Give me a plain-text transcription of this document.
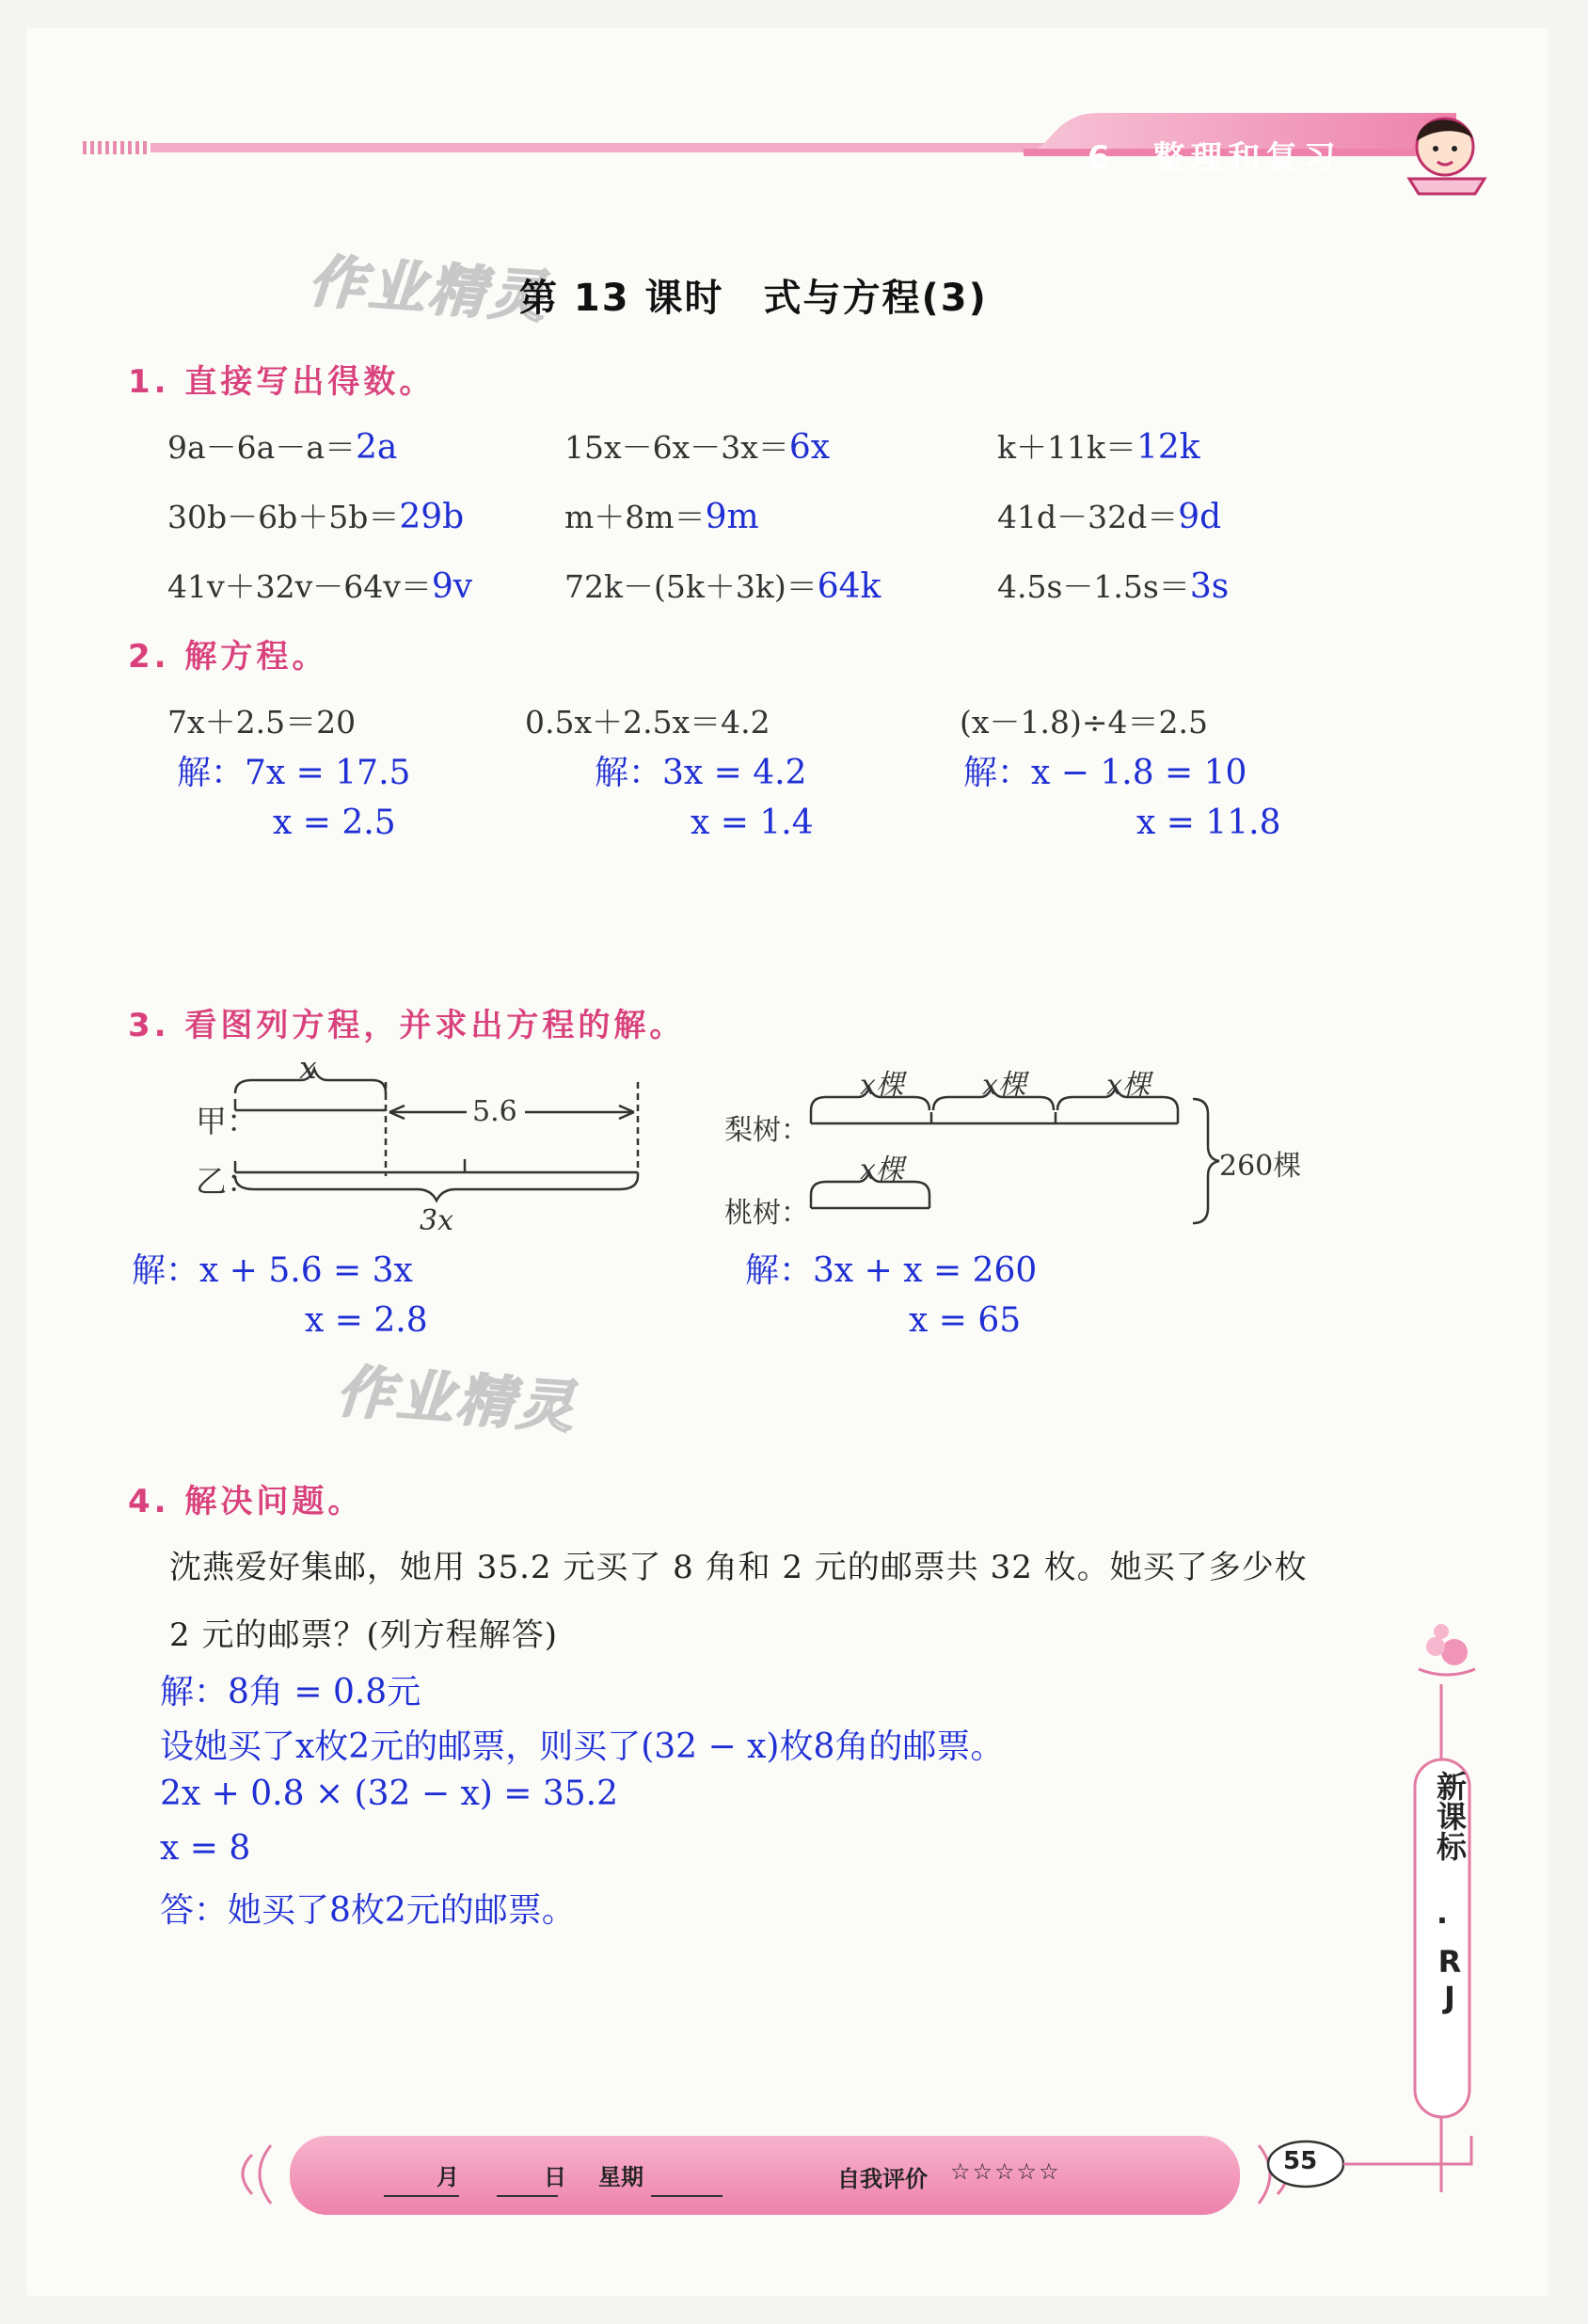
6 整理和复习
作业精灵
作业精灵
第 13 课时　式与方程(3)
1. 直接写出得数。
9a－6a－a＝2a	15x－6x－3x＝6x	k＋11k＝12k
30b－6b＋5b＝29b	m＋8m＝9m	41d－32d＝9d
41v＋32v－64v＝9v	72k－(5k＋3k)＝64k	4.5s－1.5s＝3s
2. 解方程。
7x＋2.5＝20
解：7x = 17.5
x = 2.5
0.5x＋2.5x＝4.2
解：3x = 4.2
x = 1.4
(x－1.8)÷4＝2.5
解：x − 1.8 = 10
x = 11.8
3. 看图列方程，并求出方程的解。
x
5.6
3x
甲：
乙：
x棵	x棵	x棵
x棵	260棵
梨树：
桃树：
解：x + 5.6 = 3x
x = 2.8
解：3x + x = 260
x = 65
4. 解决问题。
沈燕爱好集邮，她用 35.2 元买了 8 角和 2 元的邮票共 32 枚。她买了多少枚
2 元的邮票？(列方程解答)
解：8角 = 0.8元
设她买了x枚2元的邮票，则买了(32 − x)枚8角的邮票。
2x + 0.8 × (32 − x) = 35.2
x = 8
答：她买了8枚2元的邮票。
新课标
·
RJ
月	日 星期	自我评价 ☆☆☆☆☆	55
